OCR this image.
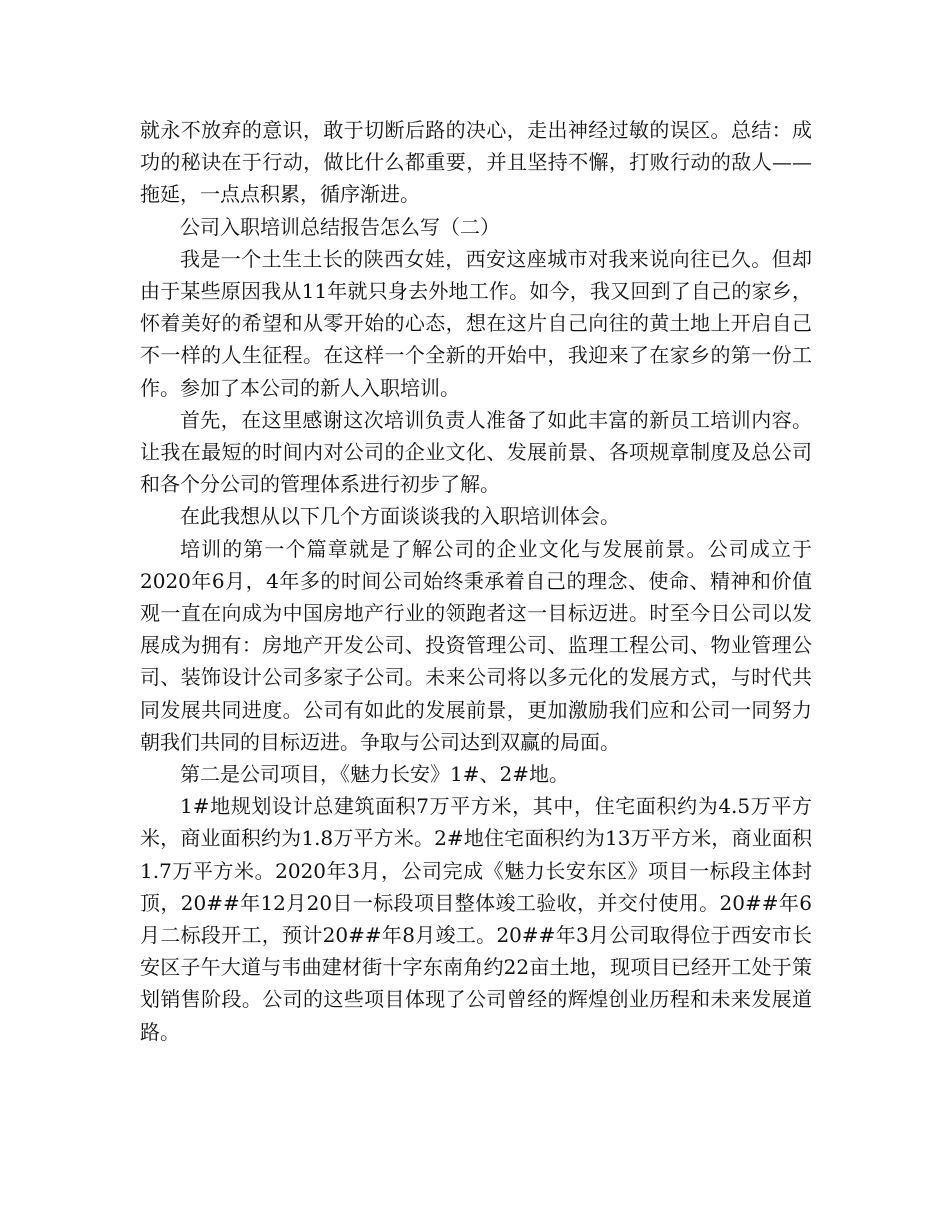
就永不放弃的意识，敢于切断后路的决心，走出神经过敏的误区。总结：成功的秘诀在于行动，做比什么都重要，并且坚持不懈，打败行动的敌人——拖延，一点点积累，循序渐进。

公司入职培训总结报告怎么写（二）

我是一个土生土长的陕西女娃，西安这座城市对我来说向往已久。但却由于某些原因我从11年就只身去外地工作。如今，我又回到了自己的家乡，怀着美好的希望和从零开始的心态，想在这片自己向往的黄土地上开启自己不一样的人生征程。在这样一个全新的开始中，我迎来了在家乡的第一份工作。参加了本公司的新人入职培训。

首先，在这里感谢这次培训负责人准备了如此丰富的新员工培训内容。让我在最短的时间内对公司的企业文化、发展前景、各项规章制度及总公司和各个分公司的管理体系进行初步了解。

在此我想从以下几个方面谈谈我的入职培训体会。

培训的第一个篇章就是了解公司的企业文化与发展前景。公司成立于2020年6月，4年多的时间公司始终秉承着自己的理念、使命、精神和价值观一直在向成为中国房地产行业的领跑者这一目标迈进。时至今日公司以发展成为拥有：房地产开发公司、投资管理公司、监理工程公司、物业管理公司、装饰设计公司多家子公司。未来公司将以多元化的发展方式，与时代共同发展共同进度。公司有如此的发展前景，更加激励我们应和公司一同努力朝我们共同的目标迈进。争取与公司达到双赢的局面。

第二是公司项目，《魅力长安》1#、2#地。

1#地规划设计总建筑面积7万平方米，其中，住宅面积约为4.5万平方米，商业面积约为1.8万平方米。2#地住宅面积约为13万平方米，商业面积1.7万平方米。2020年3月，公司完成《魅力长安东区》项目一标段主体封顶，20##年12月20日一标段项目整体竣工验收，并交付使用。20##年6月二标段开工，预计20##年8月竣工。20##年3月公司取得位于西安市长安区子午大道与韦曲建材街十字东南角约22亩土地，现项目已经开工处于策划销售阶段。公司的这些项目体现了公司曾经的辉煌创业历程和未来发展道路。
